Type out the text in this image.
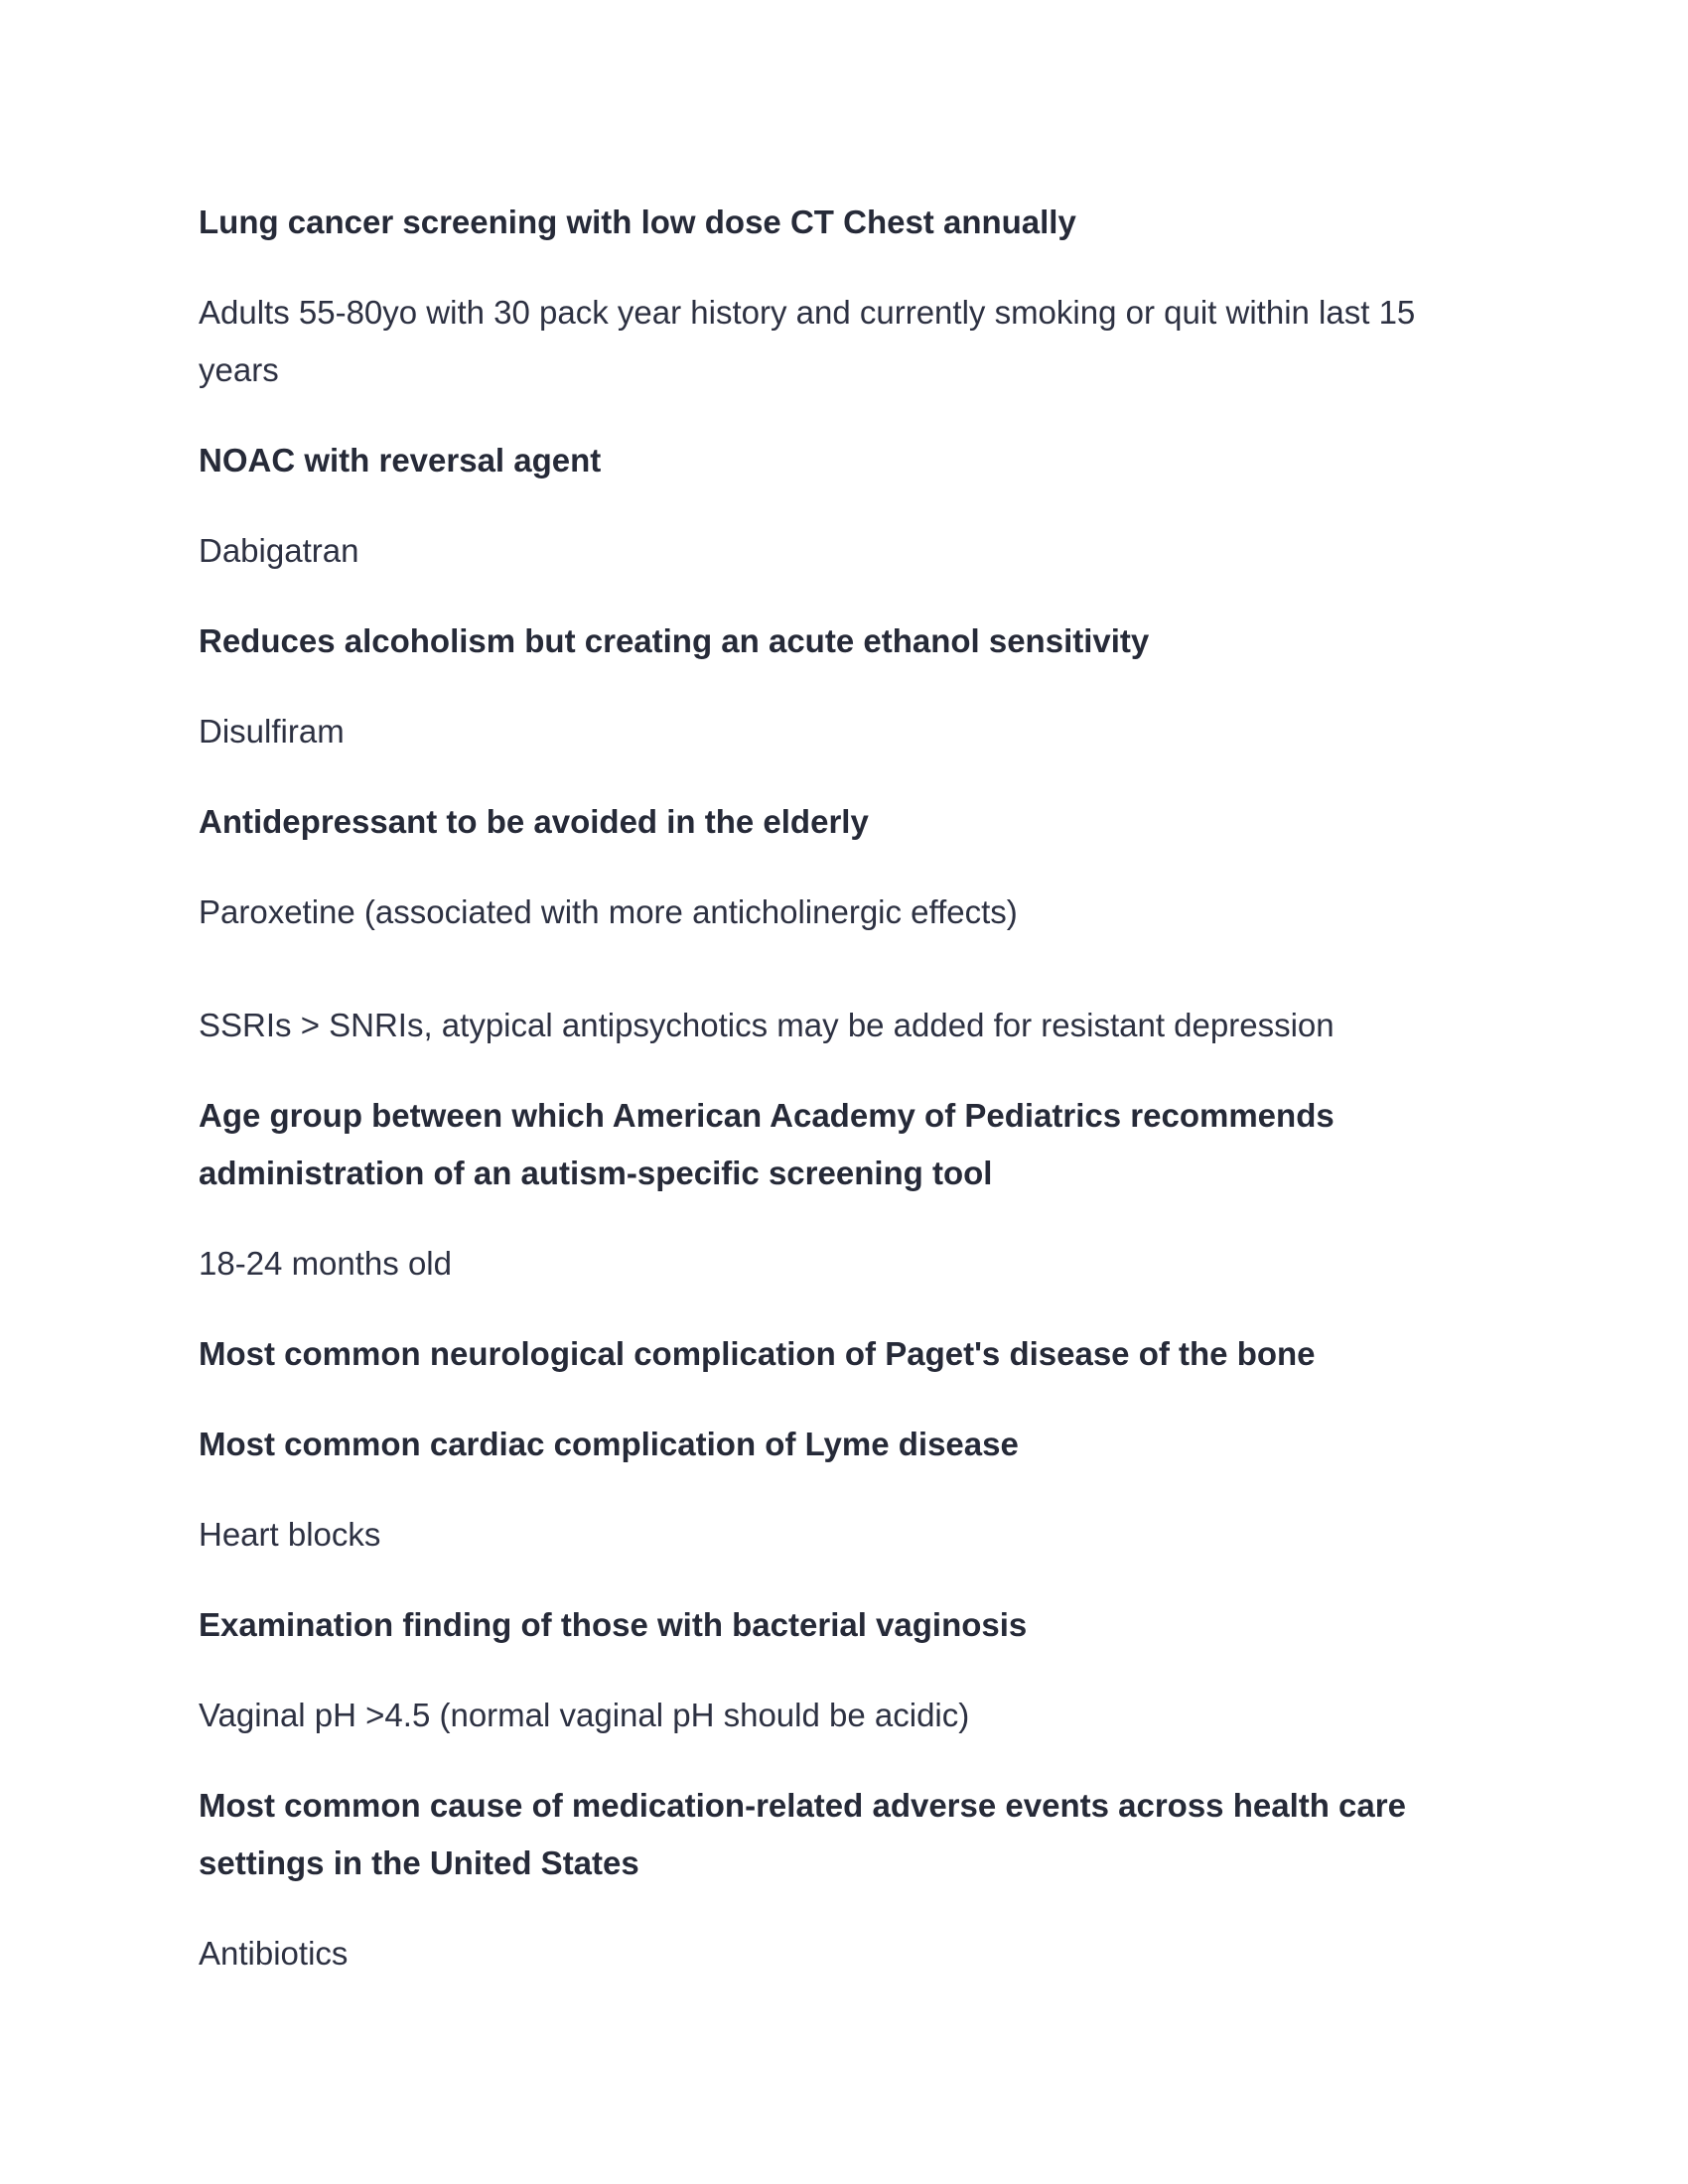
Lung cancer screening with low dose CT Chest annually

Adults 55-80yo with 30 pack year history and currently smoking or quit within last 15 years

NOAC with reversal agent

Dabigatran

Reduces alcoholism but creating an acute ethanol sensitivity

Disulfiram

Antidepressant to be avoided in the elderly

Paroxetine (associated with more anticholinergic effects)

SSRIs > SNRIs, atypical antipsychotics may be added for resistant depression

Age group between which American Academy of Pediatrics recommends administration of an autism-specific screening tool

18-24 months old

Most common neurological complication of Paget's disease of the bone

Most common cardiac complication of Lyme disease

Heart blocks

Examination finding of those with bacterial vaginosis

Vaginal pH >4.5 (normal vaginal pH should be acidic)

Most common cause of medication-related adverse events across health care settings in the United States

Antibiotics
